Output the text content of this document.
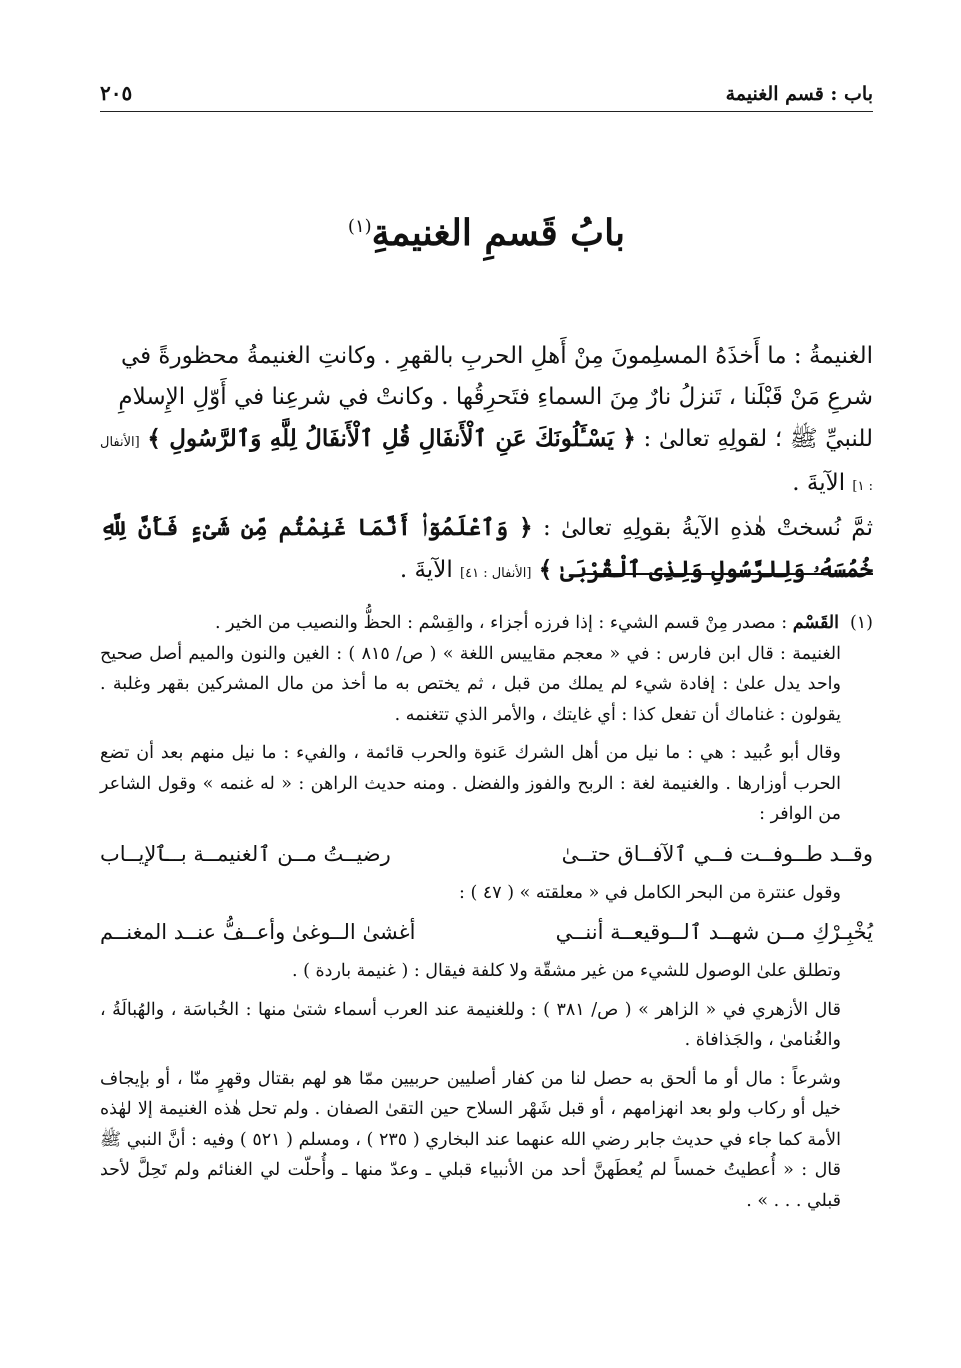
باب : قسم الغنيمة
٢٠٥
بابُ قَسمِ الغنيمةِ$^{(١)}$

الغنيمةُ : ما أَخذَهُ المسلِمونَ مِنْ أَهلِ الحربِ بالقهرِ . وكانتِ الغنيمةُ محظورةً في

شرعِ مَنْ قَبْلَنا ، تَنزلُ نارٌ مِنَ السماءِ فتَحرِقُها . وكانتْ في شرعِنا في أَوّلِ الإِسلامِ

للنبيِّ ﷺ ؛ لقولِهِ تعالىٰ : ﴿ يَسْـَٔلُونَكَ عَنِ ٱلْأَنفَالِ قُلِ ٱلْأَنفَالُ لِلَّهِ وَٱلرَّسُولِ ﴾ [الأنفال : ١] الآيةَ .

ثمَّ نُسختْ هٰذهِ الآيةُ بقولِهِ تعالىٰ : ﴿ وَٱعْلَمُوٓا۟ أَنَّمَا غَنِمْتُم مِّن شَىْءٍ فَأَنَّ لِلَّهِ خُمُسَهُۥ وَلِلرَّسُولِ وَلِذِى ٱلْقُرْبَىٰ ﴾ [الأنفال : ٤١] الآيةَ .

(١)القَسْم : مصدر مِنْ قسم الشيء : إذا فرزه أجزاء ، والقِسْم : الحظُّ والنصيب من الخير .

الغنيمة : قال ابن فارس : في « معجم مقاييس اللغة » ( ص/ ٨١٥ ) : الغين والنون والميم أصل صحيح واحد يدل علىٰ : إفادة شيء لم يملك من قبل ، ثم يختص به ما أخذ من مال المشركين بقهر وغلبة . يقولون : غناماك أن تفعل كذا : أي غايتك ، والأمر الذي تتغنمه .

وقال أبو عُبيد : هي : ما نيل من أهل الشرك عَنوة والحرب قائمة ، والفيء : ما نيل منهم بعد أن تضع الحرب أوزارها . والغنيمة لغة : الربح والفوز والفضل . ومنه حديث الراهن : « له غنمه » وقول الشاعر من الوافر :

وقــد طــوفــت فــي ٱلآفــاق حتــىٰ
رضيــتُ مــن ٱلغنيمــة بــٱلإيــاب

وقول عنترة من البحر الكامل في « معلقته » ( ٤٧ ) :

يُخْبِـرْكِ مــن شهــد ٱلــوقيعــة أننــي
أغشىٰ الــوغىٰ وأعــفُّ عنــد المغنــم

وتطلق علىٰ الوصول للشيء من غير مشقّة ولا كلفة فيقال : ( غنيمة باردة ) .

قال الأزهري في « الزاهر » ( ص/ ٣٨١ ) : وللغنيمة عند العرب أسماء شتىٰ منها : الخُباسَة ، والهُبالَةُ ، والغُنامىٰ ، والجَذافاة .

وشرعاً : مال أو ما ألحق به حصل لنا من كفار أصليين حربيين ممّا هو لهم بقتال وقهرٍ منّا ، أو بإيجاف خيل أو ركاب ولو بعد انهزامهم ، أو قبل شَهْر السلاح حين التقىٰ الصفان . ولم تحل هٰذه الغنيمة إلا لهٰذه الأمة كما جاء في حديث جابر رضي الله عنهما عند البخاري ( ٢٣٥ ) ، ومسلم ( ٥٢١ ) وفيه : أنَّ النبي ﷺ قال : « أُعطيتُ خمساً لم يُعطَهنَّ أحد من الأنبياء قبلي ـ وعدّ منها ـ وأُحلّت لي الغنائم ولم تَحِلَّ لأحد قبلي . . . » .
